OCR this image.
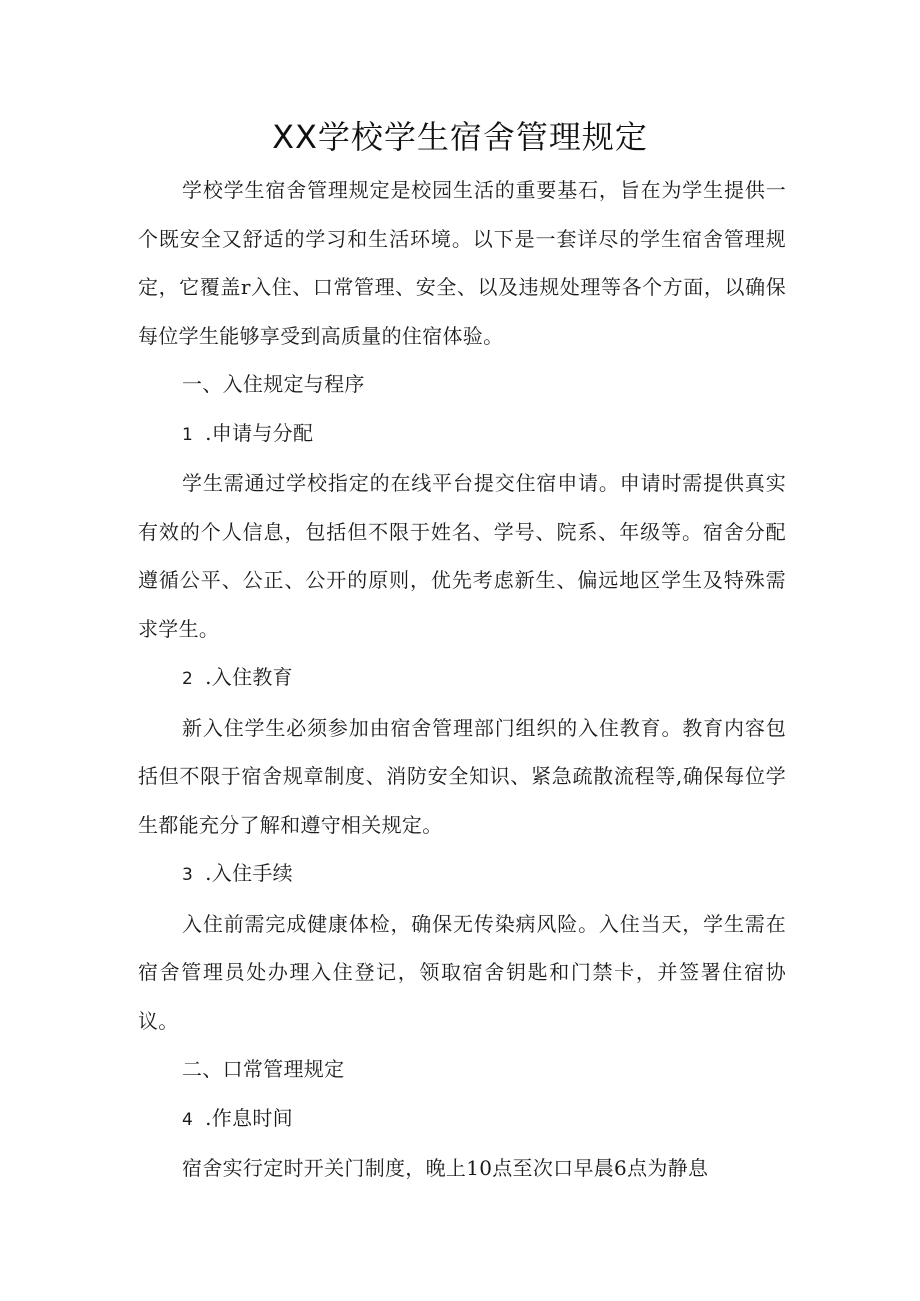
XX学校学生宿舍管理规定

学校学生宿舍管理规定是校园生活的重要基石，旨在为学生提供一个既安全又舒适的学习和生活环境。以下是一套详尽的学生宿舍管理规定，它覆盖r入住、口常管理、安全、以及违规处理等各个方面，以确保每位学生能够享受到高质量的住宿体验。

一、入住规定与程序

1 .申请与分配

学生需通过学校指定的在线平台提交住宿申请。申请时需提供真实有效的个人信息，包括但不限于姓名、学号、院系、年级等。宿舍分配遵循公平、公正、公开的原则，优先考虑新生、偏远地区学生及特殊需求学生。

2 .入住教育

新入住学生必须参加由宿舍管理部门组织的入住教育。教育内容包括但不限于宿舍规章制度、消防安全知识、紧急疏散流程等,确保每位学生都能充分了解和遵守相关规定。

3 .入住手续

入住前需完成健康体检，确保无传染病风险。入住当天，学生需在宿舍管理员处办理入住登记，领取宿舍钥匙和门禁卡，并签署住宿协议。

二、口常管理规定

4 .作息时间

宿舍实行定时开关门制度，晚上10点至次口早晨6点为静息
